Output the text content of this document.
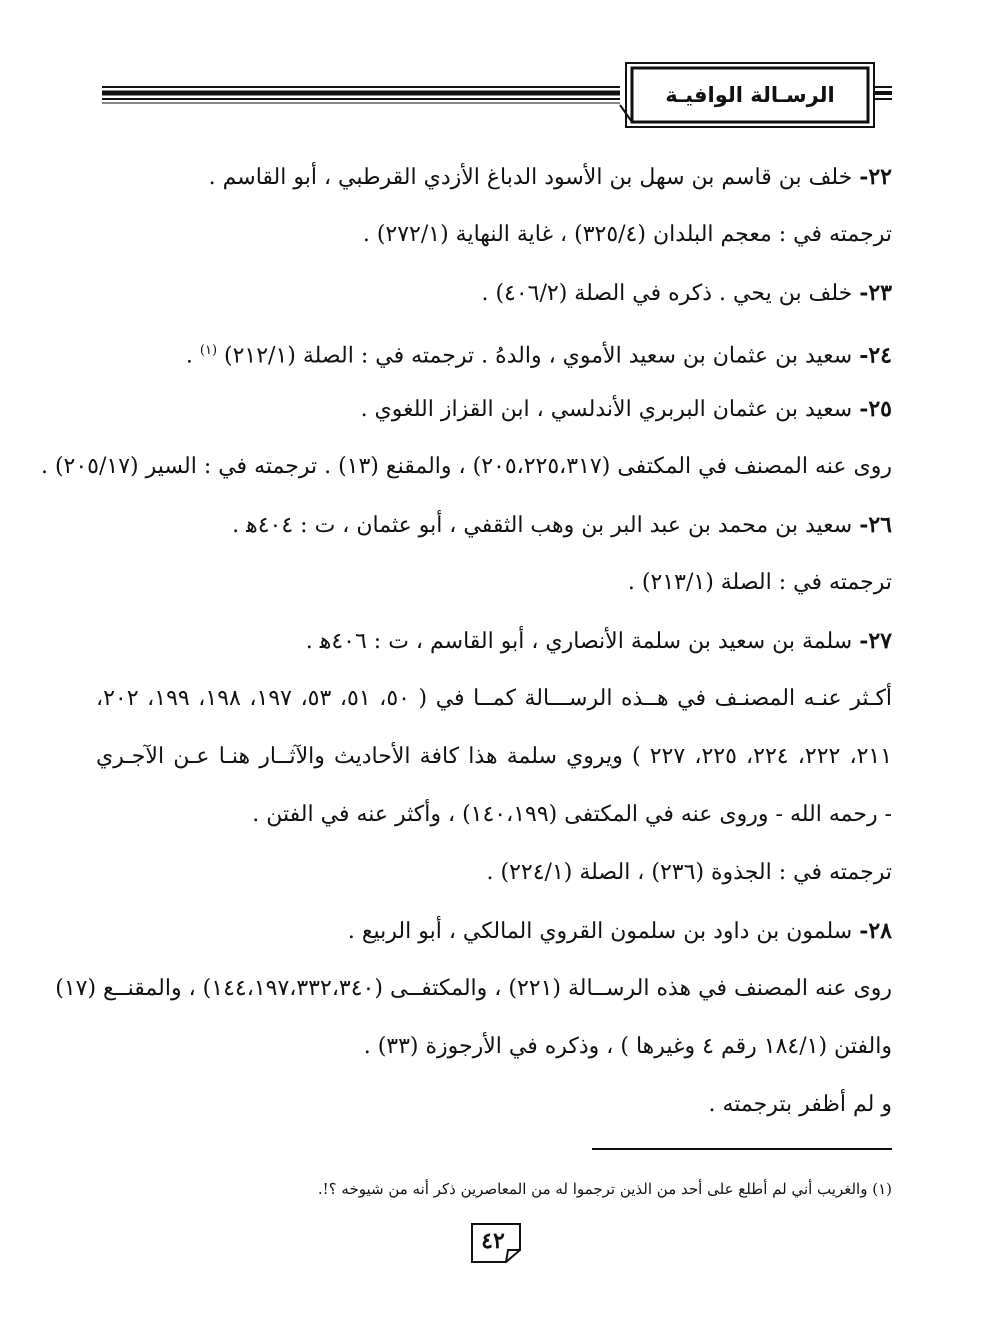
الرسـالة الوافيـة
٢٢- خلف بن قاسم بن سهل بن الأسود الدباغ الأزدي القرطبي ، أبو القاسم .
ترجمته في : معجم البلدان (٣٢٥/٤) ، غاية النهاية (٢٧٢/١) .
٢٣- خلف بن يحي . ذكره في الصلة (٤٠٦/٢) .
٢٤- سعيد بن عثمان بن سعيد الأموي ، والدهُ . ترجمته في : الصلة (٢١٢/١) $^{(١)}$ .
٢٥- سعيد بن عثمان البربري الأندلسي ، ابن القزاز اللغوي .
روى عنه المصنف في المكتفى (٢٠٥،٢٢٥،٣١٧) ، والمقنع (١٣) . ترجمته في : السير (٢٠٥/١٧) .
٢٦- سعيد بن محمد بن عبد البر بن وهب الثقفي ، أبو عثمان ، ت : ٤٠٤ﻫ .
ترجمته في : الصلة (٢١٣/١) .
٢٧- سلمة بن سعيد بن سلمة الأنصاري ، أبو القاسم ، ت : ٤٠٦ﻫ .
أكـثر عنـه المصنـف في هــذه الرســـالة كمــا في ( ٥٠، ٥١، ٥٣، ١٩٧، ١٩٨، ١٩٩، ٢٠٢،
٢١١، ٢٢٢، ٢٢٤، ٢٢٥، ٢٢٧ ) ويروي سلمة هذا كافة الأحاديث والآثــار هنـا عـن الآجـري
- رحمه الله - وروى عنه في المكتفى (١٤٠،١٩٩) ، وأكثر عنه في الفتن .
ترجمته في : الجذوة (٢٣٦) ، الصلة (٢٢٤/١) .
٢٨- سلمون بن داود بن سلمون القروي المالكي ، أبو الربيع .
روى عنه المصنف في هذه الرســالة (٢٢١) ، والمكتفــى (١٤٤،١٩٧،٣٣٢،٣٤٠) ، والمقنــع (١٧)
والفتن (١٨٤/١ رقم ٤ وغيرها ) ، وذكره في الأرجوزة (٣٣) .
و لم أظفر بترجمته .
(١) والغريب أني لم أطلع على أحد من الذين ترجموا له من المعاصرين ذكر أنه من شيوخه ؟!.
٤٢
